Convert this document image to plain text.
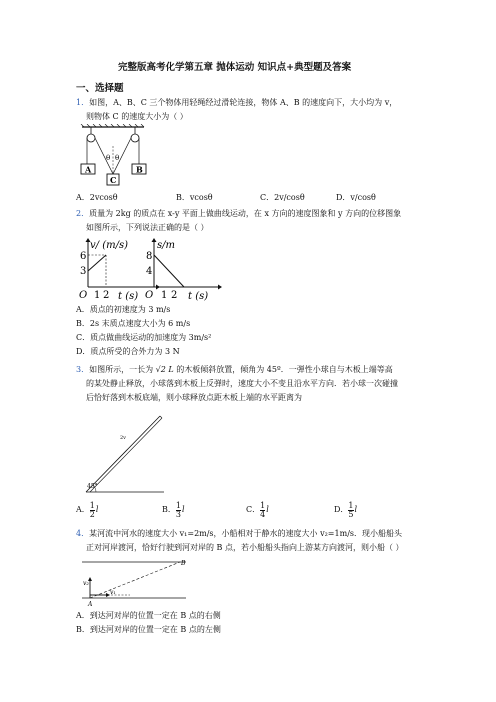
完整版高考化学第五章 抛体运动 知识点+典型题及答案
一、选择题
1．如图，A、B、C 三个物体用轻绳经过滑轮连接，物体 A、B 的速度向下，大小均为 v，
则物体 C 的速度大小为（ ）
A	B
C
θ θ
A．2vcosθ	B．vcosθ	C．2v/cosθ	D．v/cosθ
2．质量为 2kg 的质点在 x-y 平面上做曲线运动，在 x 方向的速度图象和 y 方向的位移图象
如图所示，下列说法正确的是（ ）
v/ (m/s)
6
3
O 1 2 t (s)
s/m
8
4
O 1 2 t (s)
A．质点的初速度为 3 m/s
B．2s 末质点速度大小为 6 m/s
C．质点做曲线运动的加速度为 3m/s²
D．质点所受的合外力为 3 N
3．如图所示，一长为 √2 L 的木板倾斜放置，倾角为 45º．一弹性小球自与木板上端等高
的某处静止释放，小球落到木板上反弹时，速度大小不变且沿水平方向．若小球一次碰撞
后恰好落到木板底端，则小球释放点距木板上端的水平距离为
45°
2v
A． $\frac{1}{2}$ l	B． $\frac{1}{3}$ l	C． $\frac{1}{4}$ l	D． $\frac{1}{5}$ l
4．某河流中河水的速度大小 v₁=2m/s，小船相对于静水的速度大小 v₂=1m/s．现小船船头
正对河岸渡河，恰好行驶到河对岸的 B 点，若小船船头指向上游某方向渡河，则小船（ ）
B
A
v₂
v₁
A．到达河对岸的位置一定在 B 点的右侧
B．到达河对岸的位置一定在 B 点的左侧
